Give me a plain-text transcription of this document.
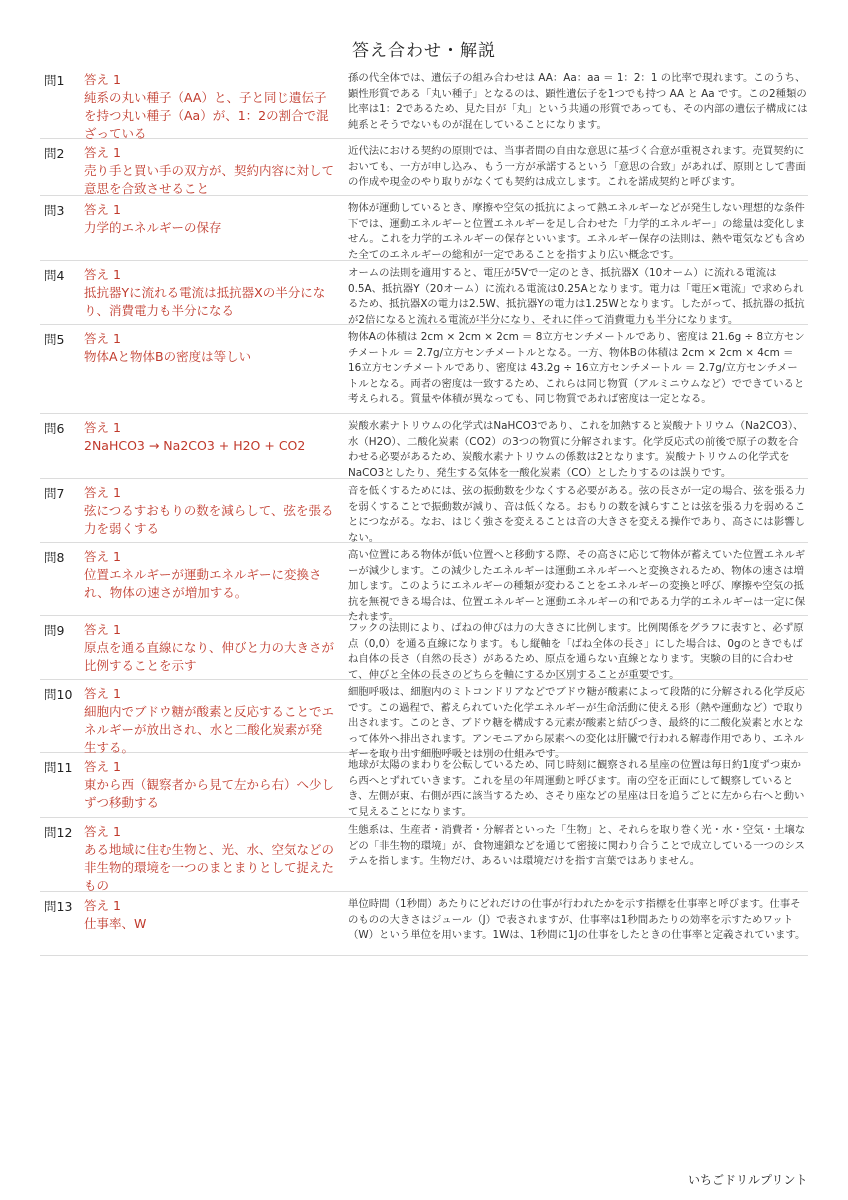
答え合わせ・解説
問1	答え 1
純系の丸い種子（AA）と、子と同じ遺伝子を持つ丸い種子（Aa）が、1：2の割合で混ざっている
孫の代全体では、遺伝子の組み合わせは AA：Aa：aa ＝ 1：2：1 の比率で現れます。このうち、顕性形質である「丸い種子」となるのは、顕性遺伝子を1つでも持つ AA と Aa です。この2種類の比率は1：2であるため、見た目が「丸」という共通の形質であっても、その内部の遺伝子構成には純系とそうでないものが混在していることになります。
問2	答え 1
売り手と買い手の双方が、契約内容に対して意思を合致させること
近代法における契約の原則では、当事者間の自由な意思に基づく合意が重視されます。売買契約においても、一方が申し込み、もう一方が承諾するという「意思の合致」があれば、原則として書面の作成や現金のやり取りがなくても契約は成立します。これを諾成契約と呼びます。
問3	答え 1
力学的エネルギーの保存
物体が運動しているとき、摩擦や空気の抵抗によって熱エネルギーなどが発生しない理想的な条件下では、運動エネルギーと位置エネルギーを足し合わせた「力学的エネルギー」の総量は変化しません。これを力学的エネルギーの保存といいます。エネルギー保存の法則は、熱や電気なども含めた全てのエネルギーの総和が一定であることを指すより広い概念です。
問4	答え 1
抵抗器Yに流れる電流は抵抗器Xの半分になり、消費電力も半分になる
オームの法則を適用すると、電圧が5Vで一定のとき、抵抗器X（10オーム）に流れる電流は0.5A、抵抗器Y（20オーム）に流れる電流は0.25Aとなります。電力は「電圧×電流」で求められるため、抵抗器Xの電力は2.5W、抵抗器Yの電力は1.25Wとなります。したがって、抵抗器の抵抗が2倍になると流れる電流が半分になり、それに伴って消費電力も半分になります。
問5	答え 1
物体Aと物体Bの密度は等しい
物体Aの体積は 2cm × 2cm × 2cm ＝ 8立方センチメートルであり、密度は 21.6g ÷ 8立方センチメートル ＝ 2.7g/立方センチメートルとなる。一方、物体Bの体積は 2cm × 2cm × 4cm ＝ 16立方センチメートルであり、密度は 43.2g ÷ 16立方センチメートル ＝ 2.7g/立方センチメートルとなる。両者の密度は一致するため、これらは同じ物質（アルミニウムなど）でできていると考えられる。質量や体積が異なっても、同じ物質であれば密度は一定となる。
問6	答え 1
2NaHCO3 → Na2CO3 + H2O + CO2
炭酸水素ナトリウムの化学式はNaHCO3であり、これを加熱すると炭酸ナトリウム（Na2CO3）、水（H2O）、二酸化炭素（CO2）の3つの物質に分解されます。化学反応式の前後で原子の数を合わせる必要があるため、炭酸水素ナトリウムの係数は2となります。炭酸ナトリウムの化学式をNaCO3としたり、発生する気体を一酸化炭素（CO）としたりするのは誤りです。
問7	答え 1
弦につるすおもりの数を減らして、弦を張る力を弱くする
音を低くするためには、弦の振動数を少なくする必要がある。弦の長さが一定の場合、弦を張る力を弱くすることで振動数が減り、音は低くなる。おもりの数を減らすことは弦を張る力を弱めることにつながる。なお、はじく強さを変えることは音の大きさを変える操作であり、高さには影響しない。
問8	答え 1
位置エネルギーが運動エネルギーに変換され、物体の速さが増加する。
高い位置にある物体が低い位置へと移動する際、その高さに応じて物体が蓄えていた位置エネルギーが減少します。この減少したエネルギーは運動エネルギーへと変換されるため、物体の速さは増加します。このようにエネルギーの種類が変わることをエネルギーの変換と呼び、摩擦や空気の抵抗を無視できる場合は、位置エネルギーと運動エネルギーの和である力学的エネルギーは一定に保たれます。
問9	答え 1
原点を通る直線になり、伸びと力の大きさが比例することを示す
フックの法則により、ばねの伸びは力の大きさに比例します。比例関係をグラフに表すと、必ず原点（0,0）を通る直線になります。もし縦軸を「ばね全体の長さ」にした場合は、0gのときでもばね自体の長さ（自然の長さ）があるため、原点を通らない直線となります。実験の目的に合わせて、伸びと全体の長さのどちらを軸にするか区別することが重要です。
問10 答え 1
細胞内でブドウ糖が酸素と反応することでエネルギーが放出され、水と二酸化炭素が発生する。
細胞呼吸は、細胞内のミトコンドリアなどでブドウ糖が酸素によって段階的に分解される化学反応です。この過程で、蓄えられていた化学エネルギーが生命活動に使える形（熱や運動など）で取り出されます。このとき、ブドウ糖を構成する元素が酸素と結びつき、最終的に二酸化炭素と水となって体外へ排出されます。アンモニアから尿素への変化は肝臓で行われる解毒作用であり、エネルギーを取り出す細胞呼吸とは別の仕組みです。
問11 答え 1
東から西（観察者から見て左から右）へ少しずつ移動する
地球が太陽のまわりを公転しているため、同じ時刻に観察される星座の位置は毎日約1度ずつ東から西へとずれていきます。これを星の年周運動と呼びます。南の空を正面にして観察しているとき、左側が東、右側が西に該当するため、さそり座などの星座は日を追うごとに左から右へと動いて見えることになります。
問12 答え 1
ある地域に住む生物と、光、水、空気などの非生物的環境を一つのまとまりとして捉えたもの
生態系は、生産者・消費者・分解者といった「生物」と、それらを取り巻く光・水・空気・土壌などの「非生物的環境」が、食物連鎖などを通じて密接に関わり合うことで成立している一つのシステムを指します。生物だけ、あるいは環境だけを指す言葉ではありません。
問13 答え 1
仕事率、W
単位時間（1秒間）あたりにどれだけの仕事が行われたかを示す指標を仕事率と呼びます。仕事そのものの大きさはジュール（J）で表されますが、仕事率は1秒間あたりの効率を示すためワット（W）という単位を用います。1Wは、1秒間に1Jの仕事をしたときの仕事率と定義されています。
いちごドリルプリント
